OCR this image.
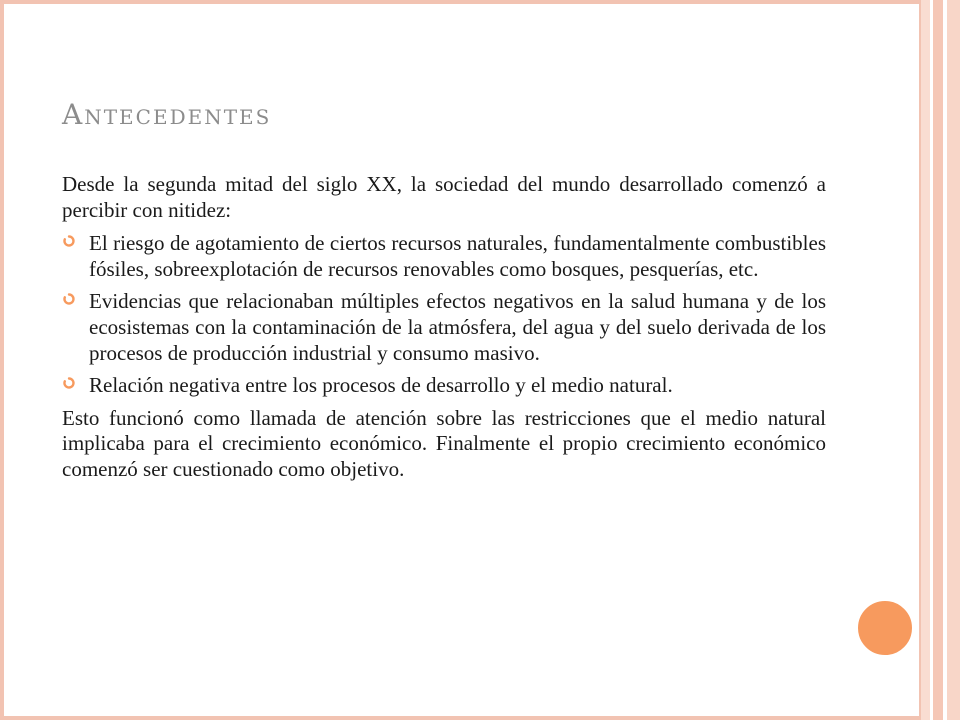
Antecedentes

Desde la segunda mitad del siglo XX, la sociedad del mundo desarrollado comenzó a percibir con nitidez:

El riesgo de agotamiento de ciertos recursos naturales, fundamentalmente combustibles fósiles, sobreexplotación de recursos renovables como bosques, pesquerías, etc.
Evidencias que relacionaban múltiples efectos negativos en la salud humana y de los ecosistemas con la contaminación de la atmósfera, del agua y del suelo derivada de los procesos de producción industrial y consumo masivo.
Relación negativa entre los procesos de desarrollo y el medio natural.

Esto funcionó como llamada de atención sobre las restricciones que el medio natural implicaba para el crecimiento económico. Finalmente el propio crecimiento económico comenzó ser cuestionado como objetivo.
